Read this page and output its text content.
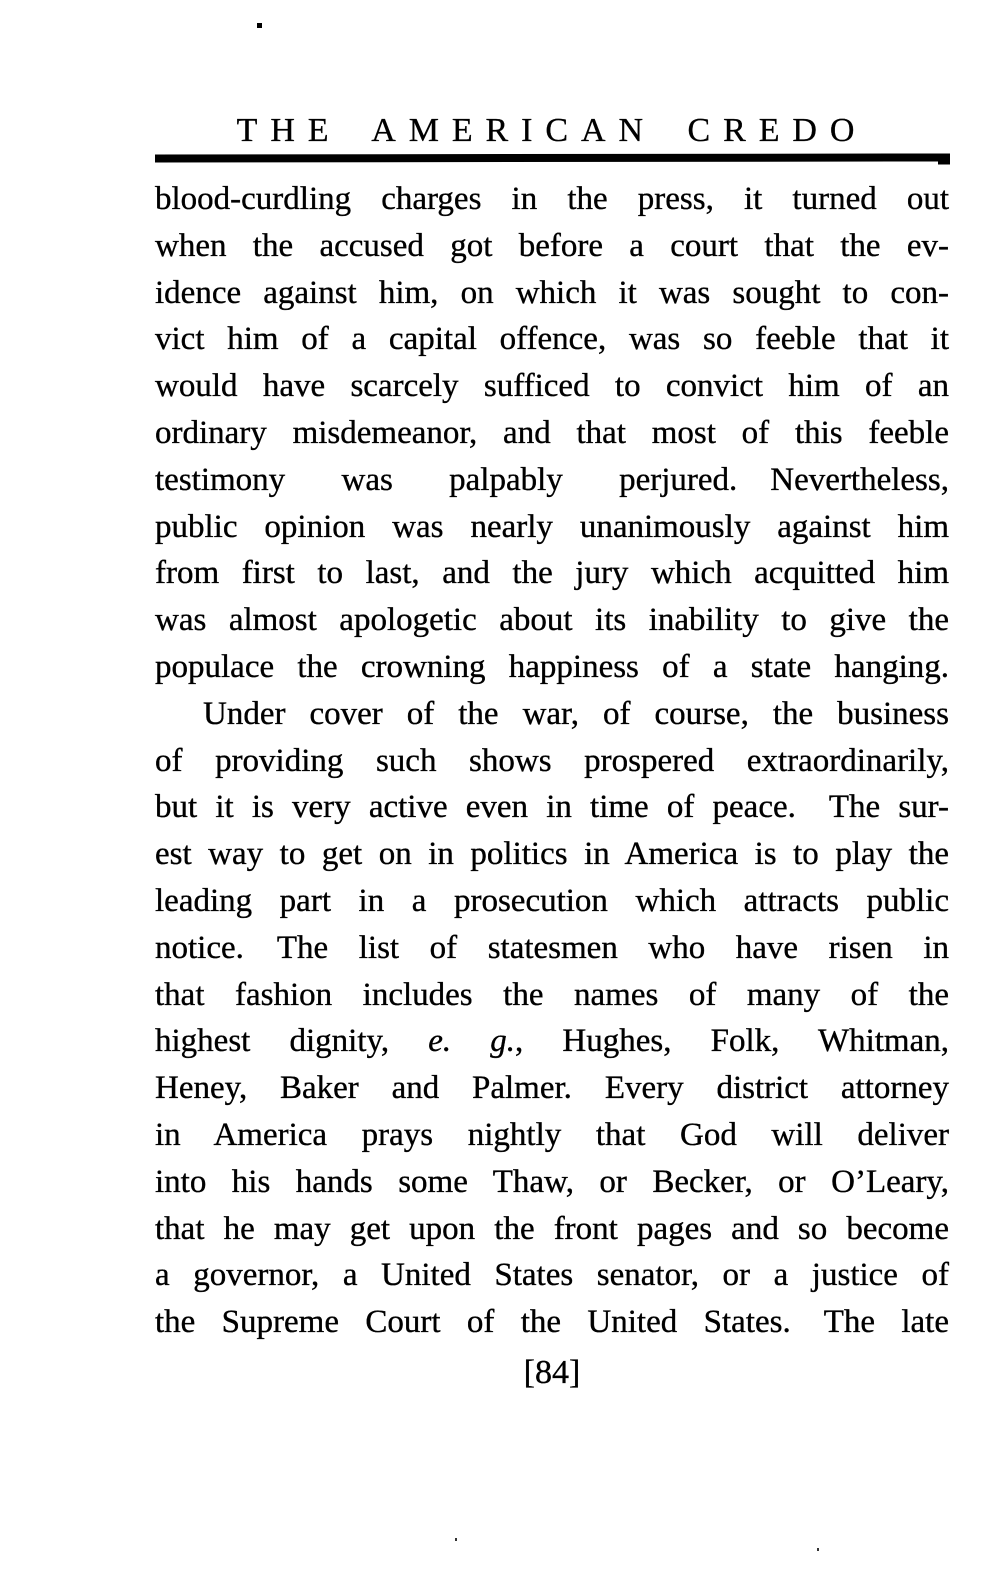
THE AMERICAN CREDO
blood-curdling charges in the press, it turned out
when the accused got before a court that the ev-
idence against him, on which it was sought to con-
vict him of a capital offence, was so feeble that it
would have scarcely sufficed to convict him of an
ordinary misdemeanor, and that most of this feeble
testimony was palpably perjured. Nevertheless,
public opinion was nearly unanimously against him
from first to last, and the jury which acquitted him
was almost apologetic about its inability to give the
populace the crowning happiness of a state hanging.
Under cover of the war, of course, the business
of providing such shows prospered extraordinarily,
but it is very active even in time of peace. The sur-
est way to get on in politics in America is to play the
leading part in a prosecution which attracts public
notice. The list of statesmen who have risen in
that fashion includes the names of many of the
highest dignity, e. g., Hughes, Folk, Whitman,
Heney, Baker and Palmer. Every district attorney
in America prays nightly that God will deliver
into his hands some Thaw, or Becker, or O’Leary,
that he may get upon the front pages and so become
a governor, a United States senator, or a justice of
the Supreme Court of the United States. The late
[84]
